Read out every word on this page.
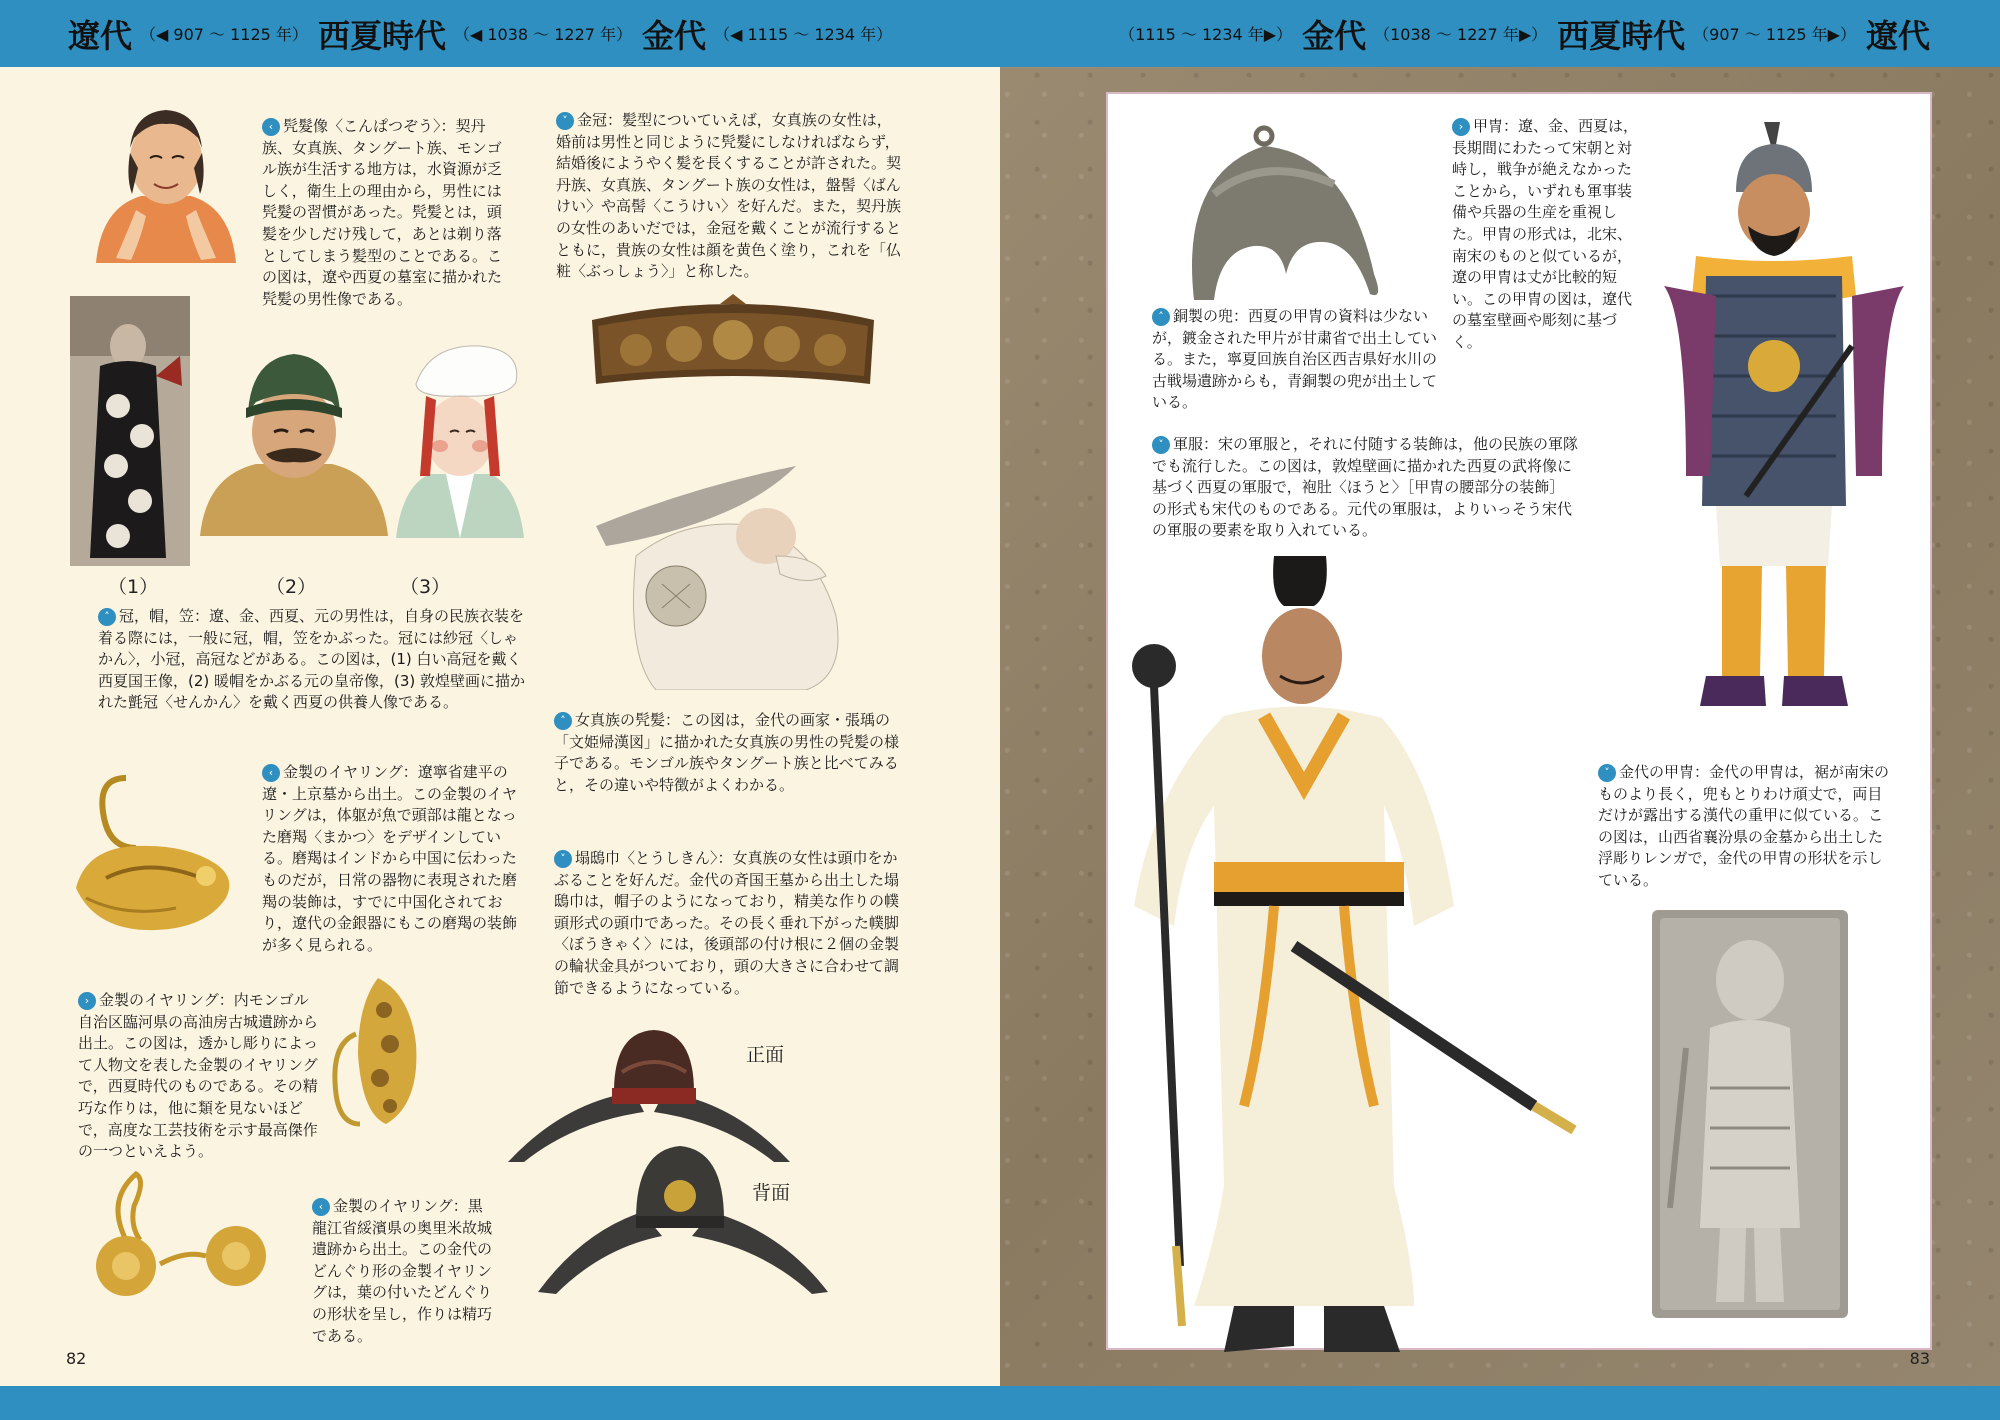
遼代 （◀ 907 ～ 1125 年） 西夏時代 （◀ 1038 ～ 1227 年） 金代 （◀ 1115 ～ 1234 年）
‹ 髠髮像〈こんぱつぞう〉：契丹族、女真族、タングート族、モンゴル族が生活する地方は，水資源が乏しく，衛生上の理由から，男性には髠髮の習慣があった。髠髪とは，頭髪を少しだけ残して，あとは剃り落としてしまう髪型のことである。この図は，遼や西夏の墓室に描かれた髠髪の男性像である。
˅ 金冠：髪型についていえば，女真族の女性は，婚前は男性と同じように髠髮にしなければならず，結婚後にようやく髪を長くすることが許された。契丹族、女真族、タングート族の女性は，盤髻〈ばんけい〉や高髻〈こうけい〉を好んだ。また，契丹族の女性のあいだでは，金冠を戴くことが流行するとともに，貴族の女性は顔を黄色く塗り，これを「仏粧〈ぶっしょう〉」と称した。
（1）	（2）	（3）
˄ 冠，帽，笠：遼、金、西夏、元の男性は，自身の民族衣装を着る際には，一般に冠，帽，笠をかぶった。冠には紗冠〈しゃかん〉，小冠，高冠などがある。この図は，(1) 白い高冠を戴く西夏国王像，(2) 暖帽をかぶる元の皇帝像，(3) 敦煌壁画に描かれた氈冠〈せんかん〉を戴く西夏の供養人像である。
˄ 女真族の髠髪：この図は，金代の画家・張瑀の「文姫帰漢図」に描かれた女真族の男性の髠髪の様子である。モンゴル族やタングート族と比べてみると，その違いや特徴がよくわかる。
‹ 金製のイヤリング：遼寧省建平の遼・上京墓から出土。この金製のイヤリングは，体躯が魚で頭部は龍となった磨羯〈まかつ〉をデザインしている。磨羯はインドから中国に伝わったものだが，日常の器物に表現された磨羯の装飾は，すでに中国化されており，遼代の金銀器にもこの磨羯の装飾が多く見られる。
˅ 塌鴟巾〈とうしきん〉：女真族の女性は頭巾をかぶることを好んだ。金代の斉国王墓から出土した塌鴟巾は，帽子のようになっており，精美な作りの幞頭形式の頭巾であった。その長く垂れ下がった幞脚〈ぼうきゃく〉には，後頭部の付け根に２個の金製の輪状金具がついており，頭の大きさに合わせて調節できるようになっている。
› 金製のイヤリング：内モンゴル自治区臨河県の高油房古城遺跡から出土。この図は，透かし彫りによって人物文を表した金製のイヤリングで，西夏時代のものである。その精巧な作りは，他に類を見ないほどで，高度な工芸技術を示す最高傑作の一つといえよう。
正面
背面
‹ 金製のイヤリング：黒龍江省綏濱県の奥里米故城遺跡から出土。この金代のどんぐり形の金製イヤリングは，葉の付いたどんぐりの形状を呈し，作りは精巧である。
82
（1115 ～ 1234 年▶） 金代 （1038 ～ 1227 年▶） 西夏時代 （907 ～ 1125 年▶） 遼代
› 甲冑：遼、金、西夏は，長期間にわたって宋朝と対峙し，戦争が絶えなかったことから，いずれも軍事装備や兵器の生産を重視した。甲冑の形式は，北宋、南宋のものと似ているが，遼の甲冑は丈が比較的短い。この甲冑の図は，遼代の墓室壁画や彫刻に基づく。
˄ 銅製の兜：西夏の甲冑の資料は少ないが，鍍金された甲片が甘粛省で出土している。また，寧夏回族自治区西吉県好水川の古戦場遺跡からも，青銅製の兜が出土している。
˅ 軍服：宋の軍服と，それに付随する装飾は，他の民族の軍隊でも流行した。この図は，敦煌壁画に描かれた西夏の武将像に基づく西夏の軍服で，袍肚〈ほうと〉［甲冑の腰部分の装飾］の形式も宋代のものである。元代の軍服は，よりいっそう宋代の軍服の要素を取り入れている。
˅ 金代の甲冑：金代の甲冑は，裾が南宋のものより長く，兜もとりわけ頑丈で，両目だけが露出する漢代の重甲に似ている。この図は，山西省襄汾県の金墓から出土した浮彫りレンガで，金代の甲冑の形状を示している。
83
